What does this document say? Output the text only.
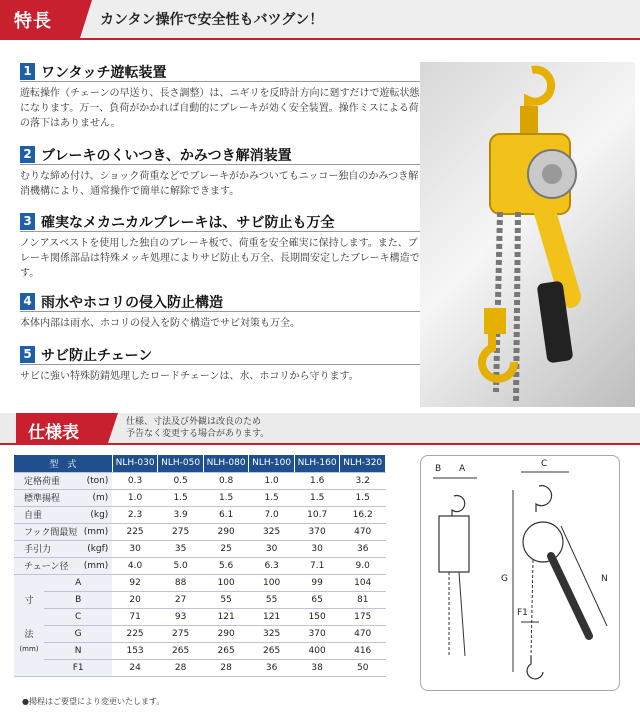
特長	カンタン操作で安全性もバツグン！
1 ワンタッチ遊転装置
遊転操作（チェーンの早送り、長さ調整）は、ニギリを反時計方向に廻すだけで遊転状態になります。万一、負荷がかかれば自動的にブレーキが効く安全装置。操作ミスによる荷の落下はありません。
2 ブレーキのくいつき、かみつき解消装置
むりな締め付け、ショック荷重などでブレーキがかみついてもニッコー独自のかみつき解消機構により、通常操作で簡単に解除できます。
3 確実なメカニカルブレーキは、サビ防止も万全
ノンアスベストを使用した独自のブレーキ板で、荷重を安全確実に保持します。また、ブレーキ関係部品は特殊メッキ処理によりサビ防止も万全、長期間安定したブレーキ構造です。
4 雨水やホコリの侵入防止構造
本体内部は雨水、ホコリの侵入を防ぐ構造でサビ対策も万全。
5 サビ防止チェーン
サビに強い特殊防錆処理したロードチェーンは、水、ホコリから守ります。
仕様表
仕様、寸法及び外観は改良のため
予告なく変更する場合があります。
型　式			NLH-030	NLH-050	NLH-080	NLH-100	NLH-160	NLH-320
定格荷重		(ton)	0.3	0.5	0.8	1.0	1.6	3.2
標準揚程		(m)	1.0	1.5	1.5	1.5	1.5	1.5
自重		(kg)	2.3	3.9	6.1	7.0	10.7	16.2
フック間最短		(mm)	225	275	290	325	370	470
手引力		(kgf)	30	35	25	30	30	36
チェーン径		(mm)	4.0	5.0	5.6	6.3	7.1	9.0

寸
法
(mm)	A		92	88	100	100	99	104
	B		20	27	55	55	65	81
	C		71	93	121	121	150	175
	G		225	275	290	325	370	470
	N		153	265	265	265	400	416
	F1		24	28	28	36	38	50
●揚程はご要望により変更いたします。
B A	C
G	N
F1
